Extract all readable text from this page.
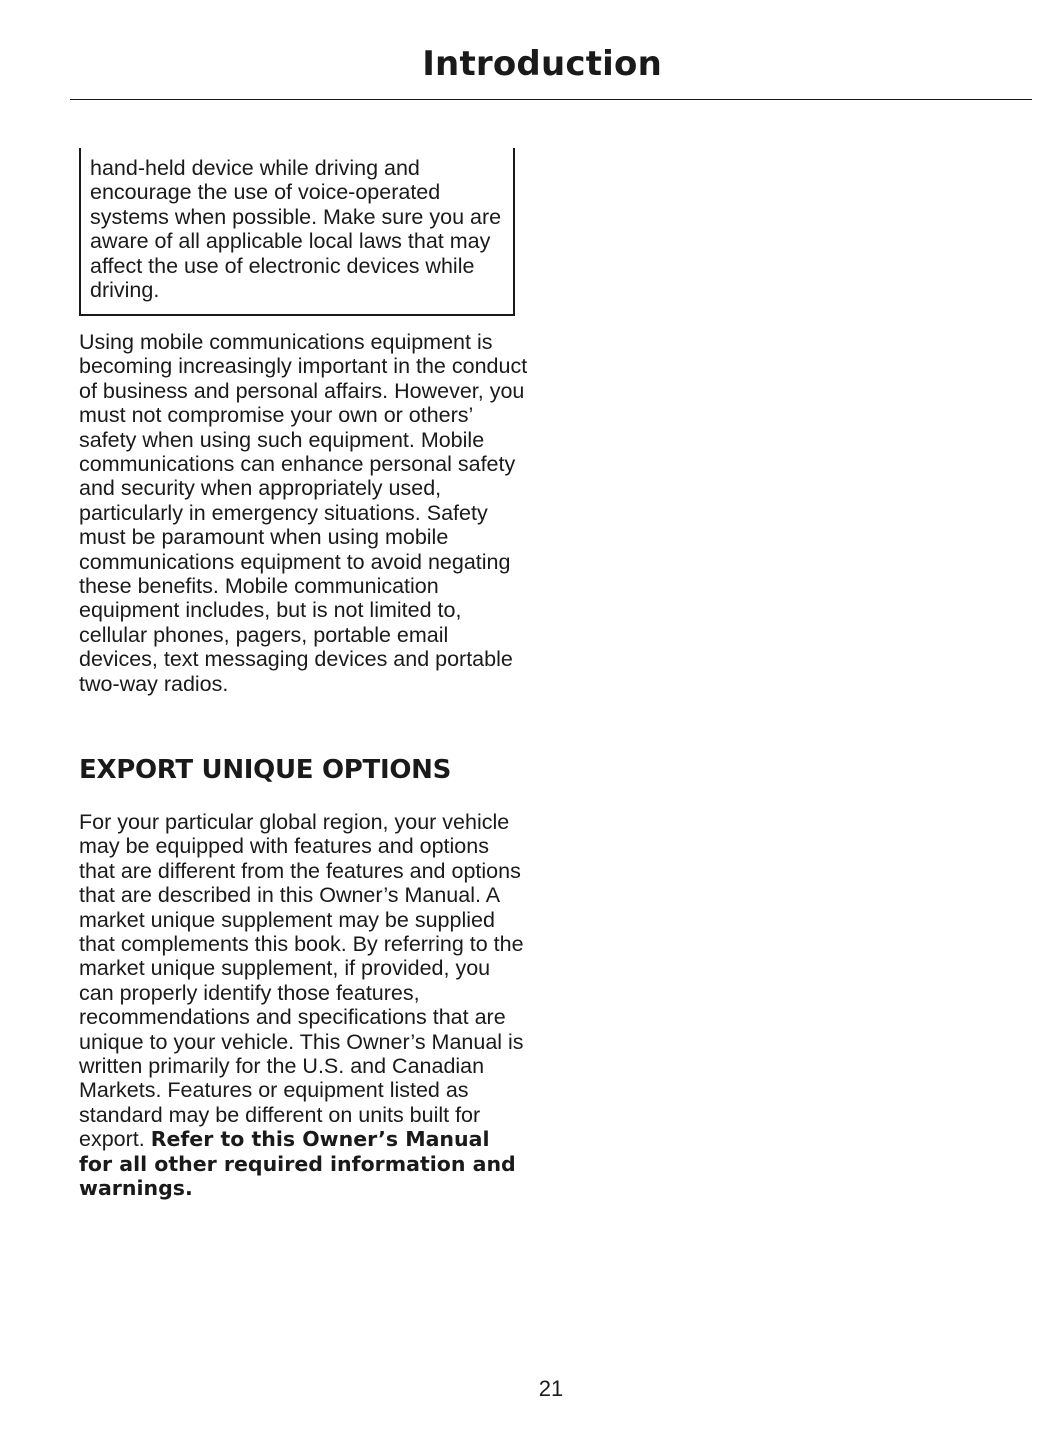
Introduction

hand-held device while driving and encourage the use of voice-operated systems when possible. Make sure you are aware of all applicable local laws that may affect the use of electronic devices while driving.

Using mobile communications equipment is becoming increasingly important in the conduct of business and personal affairs. However, you must not compromise your own or others’ safety when using such equipment. Mobile communications can enhance personal safety and security when appropriately used, particularly in emergency situations. Safety must be paramount when using mobile communications equipment to avoid negating these benefits. Mobile communication equipment includes, but is not limited to, cellular phones, pagers, portable email devices, text messaging devices and portable two-way radios.

EXPORT UNIQUE OPTIONS

For your particular global region, your vehicle may be equipped with features and options that are different from the features and options that are described in this Owner’s Manual. A market unique supplement may be supplied that complements this book. By referring to the market unique supplement, if provided, you can properly identify those features, recommendations and specifications that are unique to your vehicle. This Owner’s Manual is written primarily for the U.S. and Canadian Markets. Features or equipment listed as standard may be different on units built for export. Refer to this Owner’s Manual for all other required information and warnings.

21
